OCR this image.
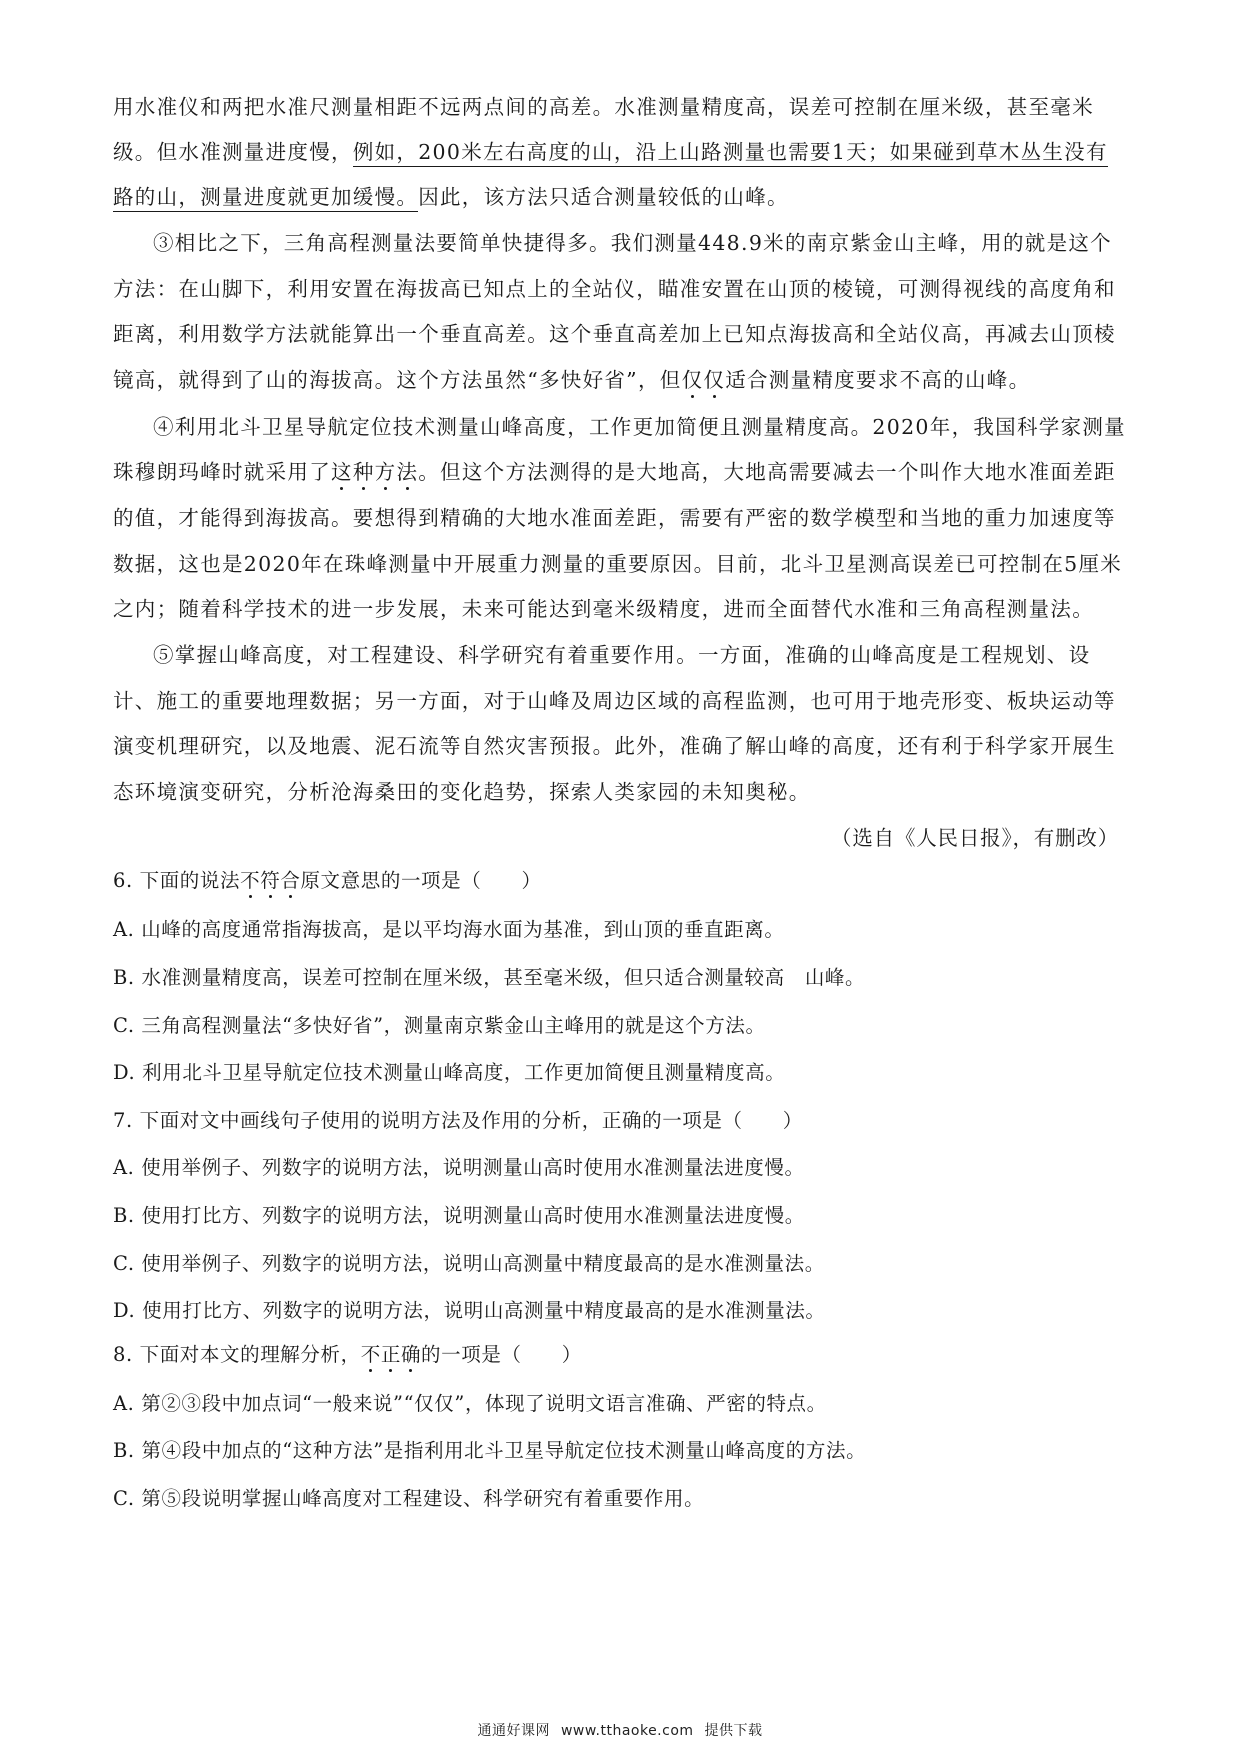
用水准仪和两把水准尺测量相距不远两点间的高差。水准测量精度高，误差可控制在厘米级，甚至毫米
级。但水准测量进度慢，例如，200米左右高度的山，沿上山路测量也需要1天；如果碰到草木丛生没有
路的山，测量进度就更加缓慢。因此，该方法只适合测量较低的山峰。
③相比之下，三角高程测量法要简单快捷得多。我们测量448.9米的南京紫金山主峰，用的就是这个
方法：在山脚下，利用安置在海拔高已知点上的全站仪，瞄准安置在山顶的棱镜，可测得视线的高度角和
距离，利用数学方法就能算出一个垂直高差。这个垂直高差加上已知点海拔高和全站仪高，再减去山顶棱
镜高，就得到了山的海拔高。这个方法虽然“多快好省”，但仅仅适合测量精度要求不高的山峰。
④利用北斗卫星导航定位技术测量山峰高度，工作更加简便且测量精度高。2020年，我国科学家测量
珠穆朗玛峰时就采用了这种方法。但这个方法测得的是大地高，大地高需要减去一个叫作大地水准面差距
的值，才能得到海拔高。要想得到精确的大地水准面差距，需要有严密的数学模型和当地的重力加速度等
数据，这也是2020年在珠峰测量中开展重力测量的重要原因。目前，北斗卫星测高误差已可控制在5厘米
之内；随着科学技术的进一步发展，未来可能达到毫米级精度，进而全面替代水准和三角高程测量法。
⑤掌握山峰高度，对工程建设、科学研究有着重要作用。一方面，准确的山峰高度是工程规划、设
计、施工的重要地理数据；另一方面，对于山峰及周边区域的高程监测，也可用于地壳形变、板块运动等
演变机理研究，以及地震、泥石流等自然灾害预报。此外，准确了解山峰的高度，还有利于科学家开展生
态环境演变研究，分析沧海桑田的变化趋势，探索人类家园的未知奥秘。
（选自《人民日报》，有删改）
6. 下面的说法不符合原文意思的一项是（　　）
A. 山峰的高度通常指海拔高，是以平均海水面为基准，到山顶的垂直距离。
B. 水准测量精度高，误差可控制在厘米级，甚至毫米级，但只适合测量较高　山峰。
C. 三角高程测量法“多快好省”，测量南京紫金山主峰用的就是这个方法。
D. 利用北斗卫星导航定位技术测量山峰高度，工作更加简便且测量精度高。
7. 下面对文中画线句子使用的说明方法及作用的分析，正确的一项是（　　）
A. 使用举例子、列数字的说明方法，说明测量山高时使用水准测量法进度慢。
B. 使用打比方、列数字的说明方法，说明测量山高时使用水准测量法进度慢。
C. 使用举例子、列数字的说明方法，说明山高测量中精度最高的是水准测量法。
D. 使用打比方、列数字的说明方法，说明山高测量中精度最高的是水准测量法。
8. 下面对本文的理解分析，不正确的一项是（　　）
A. 第②③段中加点词“一般来说”“仅仅”，体现了说明文语言准确、严密的特点。
B. 第④段中加点的“这种方法”是指利用北斗卫星导航定位技术测量山峰高度的方法。
C. 第⑤段说明掌握山峰高度对工程建设、科学研究有着重要作用。
通通好课网 www.tthaoke.com 提供下载
